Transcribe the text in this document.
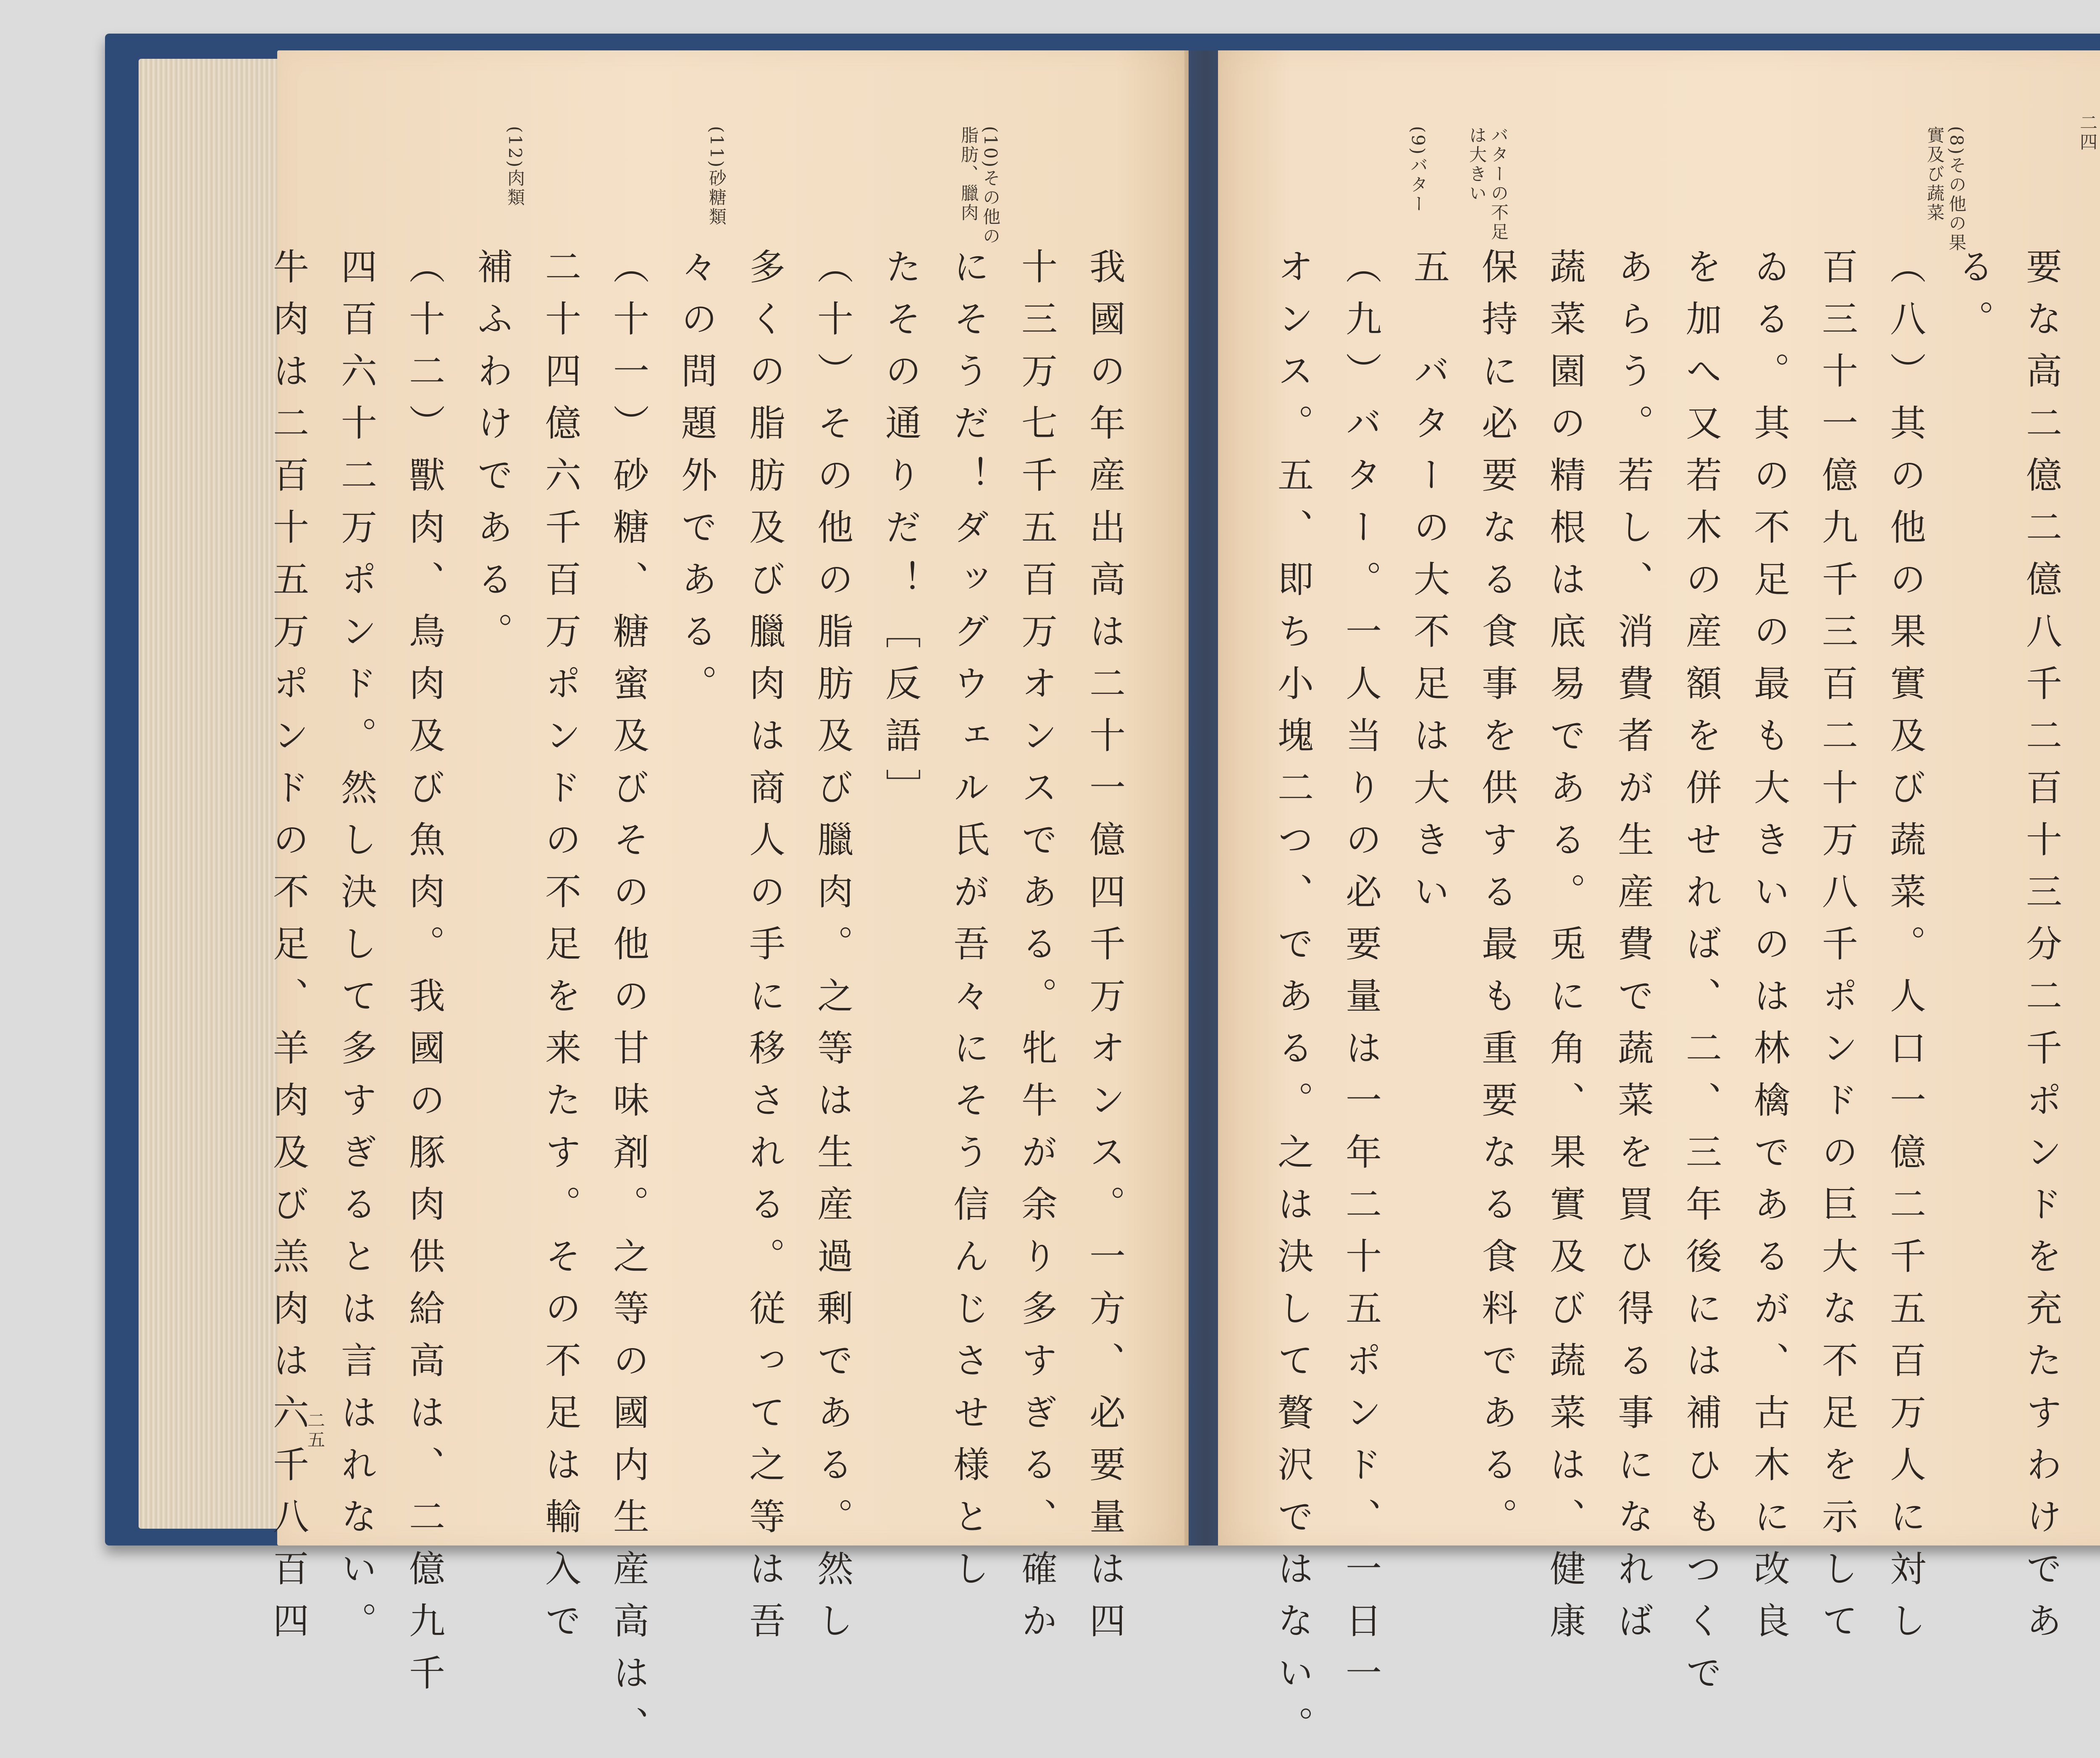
(10)その他の脂肪、臘肉
(11)砂糖類
(12)肉類
我國の年産出高は二十一億四千万オンス。一方、必要量は四
十三万七千五百万オンスである。牝牛が余り多すぎる、確か
にそうだ！ダッグウェル氏が吾々にそう信んじさせ様とし
たその通りだ！［反語］
（十）その他の脂肪及び臘肉。之等は生産過剰である。然し
多くの脂肪及び臘肉は商人の手に移される。従って之等は吾
々の問題外である。
（十一）砂糖、糖蜜及びその他の甘味剤。之等の國内生産高は、
二十四億六千百万ポンドの不足を来たす。その不足は輸入で
補ふわけである。
（十二）獸肉、鳥肉及び魚肉。我國の豚肉供給高は、二億九千
四百六十二万ポンド。然し決して多すぎるとは言はれない。
牛肉は二百十五万ポンドの不足、羊肉及び羔肉は六千八百四
二五
(8)その他の果實及び蔬菜
バターの不足は大きい
(9)バター
要な高二億二億八千二百十三分二千ポンドを充たすわけであ
る。
（八）其の他の果實及び蔬菜。人口一億二千五百万人に対し
百三十一億九千三百二十万八千ポンドの巨大な不足を示して
ゐる。其の不足の最も大きいのは林檎であるが、古木に改良
を加へ又若木の産額を併せれば、二、三年後には補ひもつくで
あらう。若し、消費者が生産費で蔬菜を買ひ得る事になれば
蔬菜園の精根は底易である。兎に角、果實及び蔬菜は、健康
保持に必要なる食事を供する最も重要なる食料である。
五　バターの大不足は大きい
（九）バター。一人当りの必要量は一年二十五ポンド、一日一
オンス。五、即ち小塊二つ、である。之は決して贅沢ではない。
二四
